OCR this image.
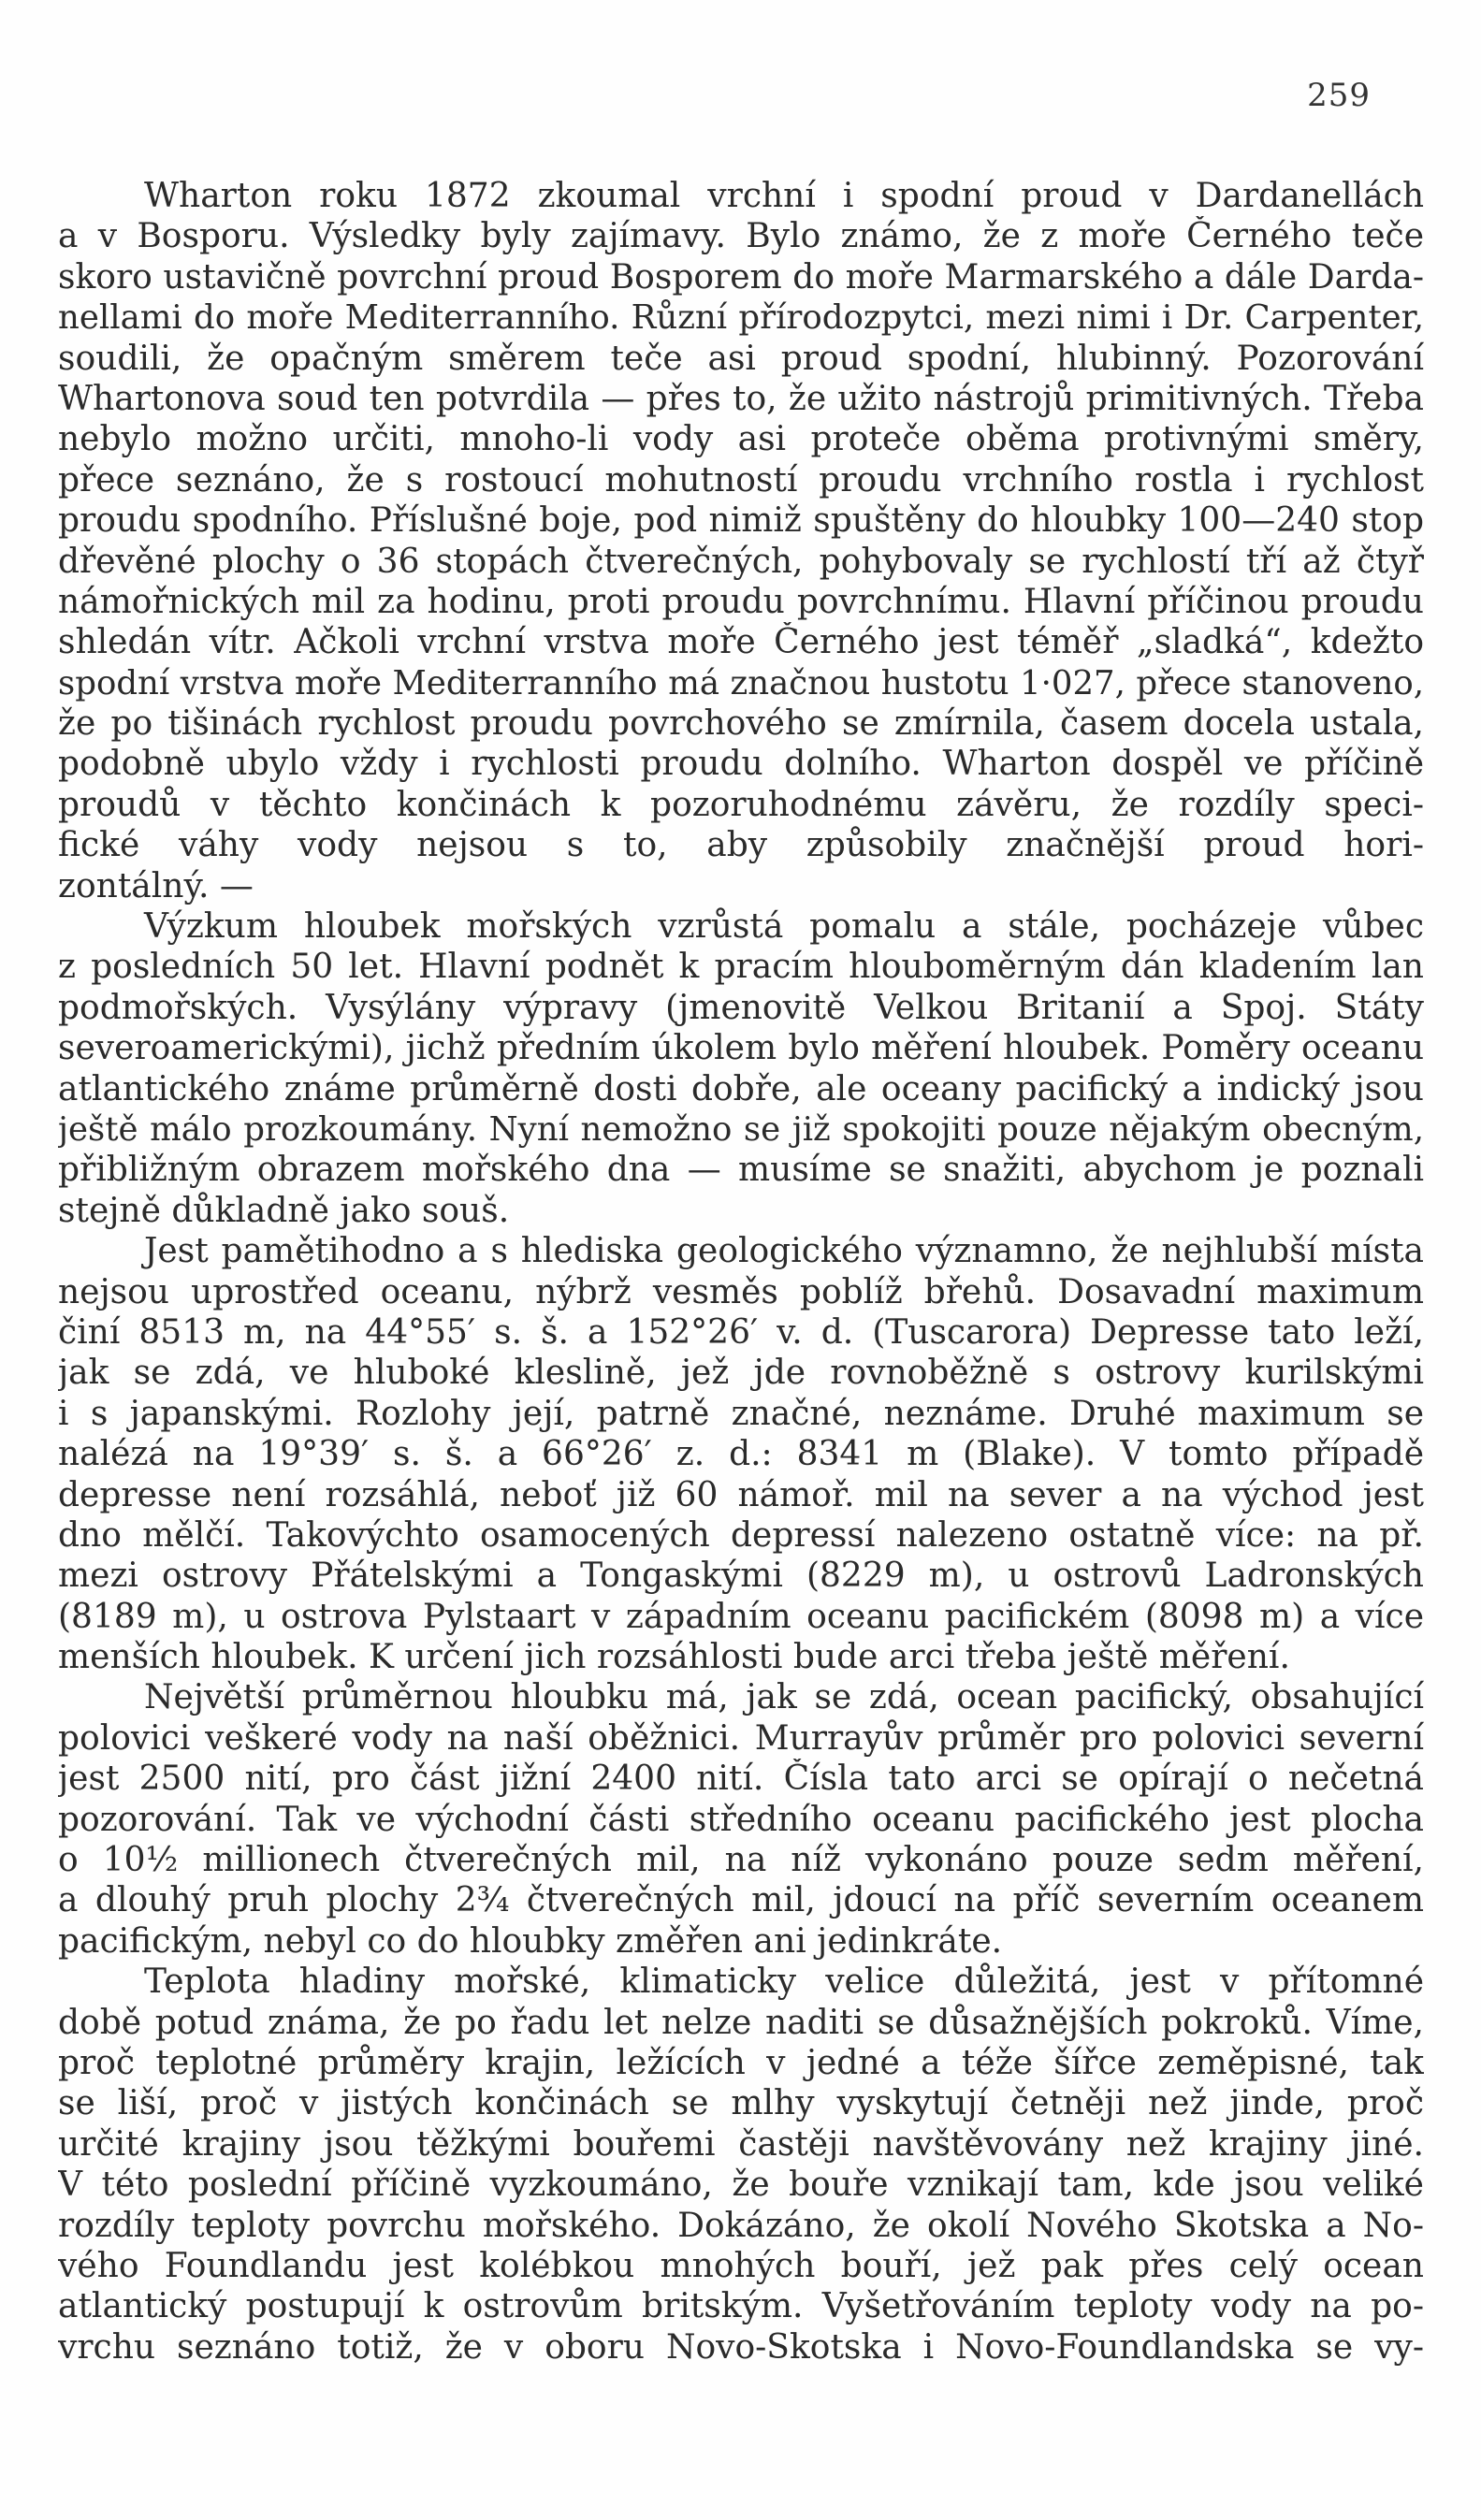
259
Wharton roku 1872 zkoumal vrchní i spodní proud v Dardanellách
a v Bosporu. Výsledky byly zajímavy. Bylo známo, že z moře Černého teče
skoro ustavičně povrchní proud Bosporem do moře Marmarského a dále Darda-
nellami do moře Mediterranního. Různí přírodozpytci, mezi nimi i Dr. Carpenter,
soudili, že opačným směrem teče asi proud spodní, hlubinný. Pozorování
Whartonova soud ten potvrdila — přes to, že užito nástrojů primitivných. Třeba
nebylo možno určiti, mnoho-li vody asi proteče oběma protivnými směry,
přece seznáno, že s rostoucí mohutností proudu vrchního rostla i rychlost
proudu spodního. Příslušné boje, pod nimiž spuštěny do hloubky 100—240 stop
dřevěné plochy o 36 stopách čtverečných, pohybovaly se rychlostí tří až čtyř
námořnických mil za hodinu, proti proudu povrchnímu. Hlavní příčinou proudu
shledán vítr. Ačkoli vrchní vrstva moře Černého jest téměř „sladká“, kdežto
spodní vrstva moře Mediterranního má značnou hustotu 1·027, přece stanoveno,
že po tišinách rychlost proudu povrchového se zmírnila, časem docela ustala,
podobně ubylo vždy i rychlosti proudu dolního. Wharton dospěl ve příčině
proudů v těchto končinách k pozoruhodnému závěru, že rozdíly speci-
fické váhy vody nejsou s to, aby způsobily značnější proud hori-
zontálný. —
Výzkum hloubek mořských vzrůstá pomalu a stále, pocházeje vůbec
z posledních 50 let. Hlavní podnět k pracím hlouboměrným dán kladením lan
podmořských. Vysýlány výpravy (jmenovitě Velkou Britanií a Spoj. Státy
severoamerickými), jichž předním úkolem bylo měření hloubek. Poměry oceanu
atlantického známe průměrně dosti dobře, ale oceany pacifický a indický jsou
ještě málo prozkoumány. Nyní nemožno se již spokojiti pouze nějakým obecným,
přibližným obrazem mořského dna — musíme se snažiti, abychom je poznali
stejně důkladně jako souš.
Jest pamětihodno a s hlediska geologického významno, že nejhlubší místa
nejsou uprostřed oceanu, nýbrž vesměs poblíž břehů. Dosavadní maximum
činí 8513 m, na 44°55′ s. š. a 152°26′ v. d. (Tuscarora) Depresse tato leží,
jak se zdá, ve hluboké kleslině, jež jde rovnoběžně s ostrovy kurilskými
i s japanskými. Rozlohy její, patrně značné, neznáme. Druhé maximum se
nalézá na 19°39′ s. š. a 66°26′ z. d.: 8341 m (Blake). V tomto případě
depresse není rozsáhlá, neboť již 60 námoř. mil na sever a na východ jest
dno mělčí. Takovýchto osamocených depressí nalezeno ostatně více: na př.
mezi ostrovy Přátelskými a Tongaskými (8229 m), u ostrovů Ladronských
(8189 m), u ostrova Pylstaart v západním oceanu pacifickém (8098 m) a více
menších hloubek. K určení jich rozsáhlosti bude arci třeba ještě měření.
Největší průměrnou hloubku má, jak se zdá, ocean pacifický, obsahující
polovici veškeré vody na naší oběžnici. Murrayův průměr pro polovici severní
jest 2500 nití, pro část jižní 2400 nití. Čísla tato arci se opírají o nečetná
pozorování. Tak ve východní části středního oceanu pacifického jest plocha
o 10½ millionech čtverečných mil, na níž vykonáno pouze sedm měření,
a dlouhý pruh plochy 2¾ čtverečných mil, jdoucí na příč severním oceanem
pacifickým, nebyl co do hloubky změřen ani jedinkráte.
Teplota hladiny mořské, klimaticky velice důležitá, jest v přítomné
době potud známa, že po řadu let nelze naditi se důsažnějších pokroků. Víme,
proč teplotné průměry krajin, ležících v jedné a téže šířce zeměpisné, tak
se liší, proč v jistých končinách se mlhy vyskytují četněji než jinde, proč
určité krajiny jsou těžkými bouřemi častěji navštěvovány než krajiny jiné.
V této poslední příčině vyzkoumáno, že bouře vznikají tam, kde jsou veliké
rozdíly teploty povrchu mořského. Dokázáno, že okolí Nového Skotska a No-
vého Foundlandu jest kolébkou mnohých bouří, jež pak přes celý ocean
atlantický postupují k ostrovům britským. Vyšetřováním teploty vody na po-
vrchu seznáno totiž, že v oboru Novo-Skotska i Novo-Foundlandska se vy-
